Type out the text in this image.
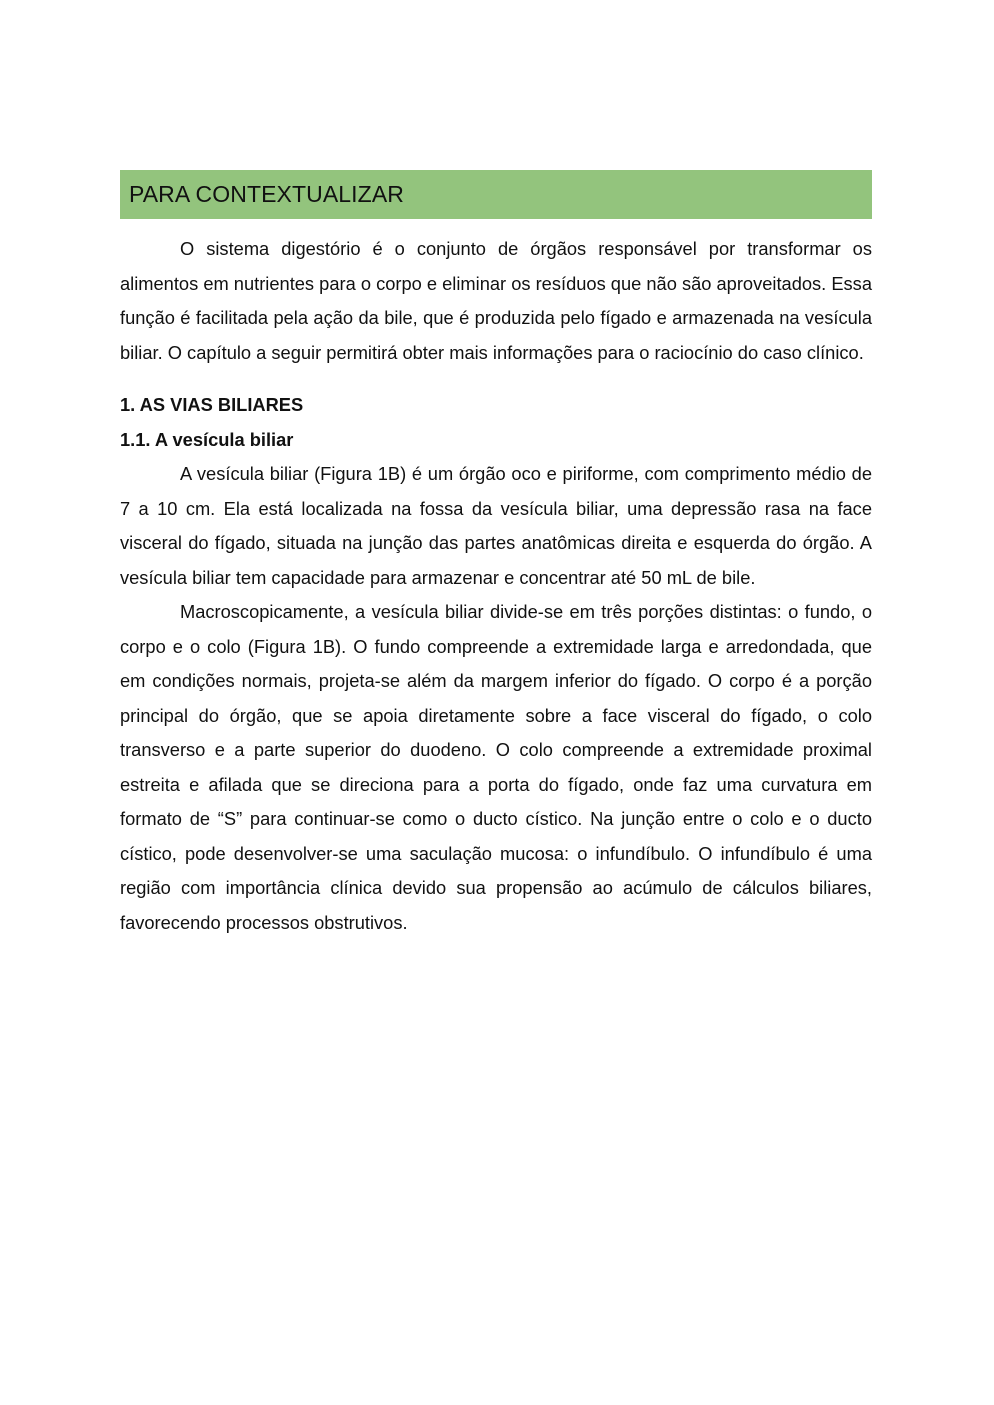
PARA CONTEXTUALIZAR

O sistema digestório é o conjunto de órgãos responsável por transformar os alimentos em nutrientes para o corpo e eliminar os resíduos que não são aproveitados. Essa função é facilitada pela ação da bile, que é produzida pelo fígado e armazenada na vesícula biliar. O capítulo a seguir permitirá obter mais informações para o raciocínio do caso clínico.

1. AS VIAS BILIARES
1.1. A vesícula biliar

A vesícula biliar (Figura 1B) é um órgão oco e piriforme, com comprimento médio de 7 a 10 cm. Ela está localizada na fossa da vesícula biliar, uma depressão rasa na face visceral do fígado, situada na junção das partes anatômicas direita e esquerda do órgão. A vesícula biliar tem capacidade para armazenar e concentrar até 50 mL de bile.

Macroscopicamente, a vesícula biliar divide-se em três porções distintas: o fundo, o corpo e o colo (Figura 1B). O fundo compreende a extremidade larga e arredondada, que em condições normais, projeta-se além da margem inferior do fígado. O corpo é a porção principal do órgão, que se apoia diretamente sobre a face visceral do fígado, o colo transverso e a parte superior do duodeno. O colo compreende a extremidade proximal estreita e afilada que se direciona para a porta do fígado, onde faz uma curvatura em formato de “S” para continuar-se como o ducto cístico. Na junção entre o colo e o ducto cístico, pode desenvolver-se uma saculação mucosa: o infundíbulo. O infundíbulo é uma região com importância clínica devido sua propensão ao acúmulo de cálculos biliares, favorecendo processos obstrutivos.
